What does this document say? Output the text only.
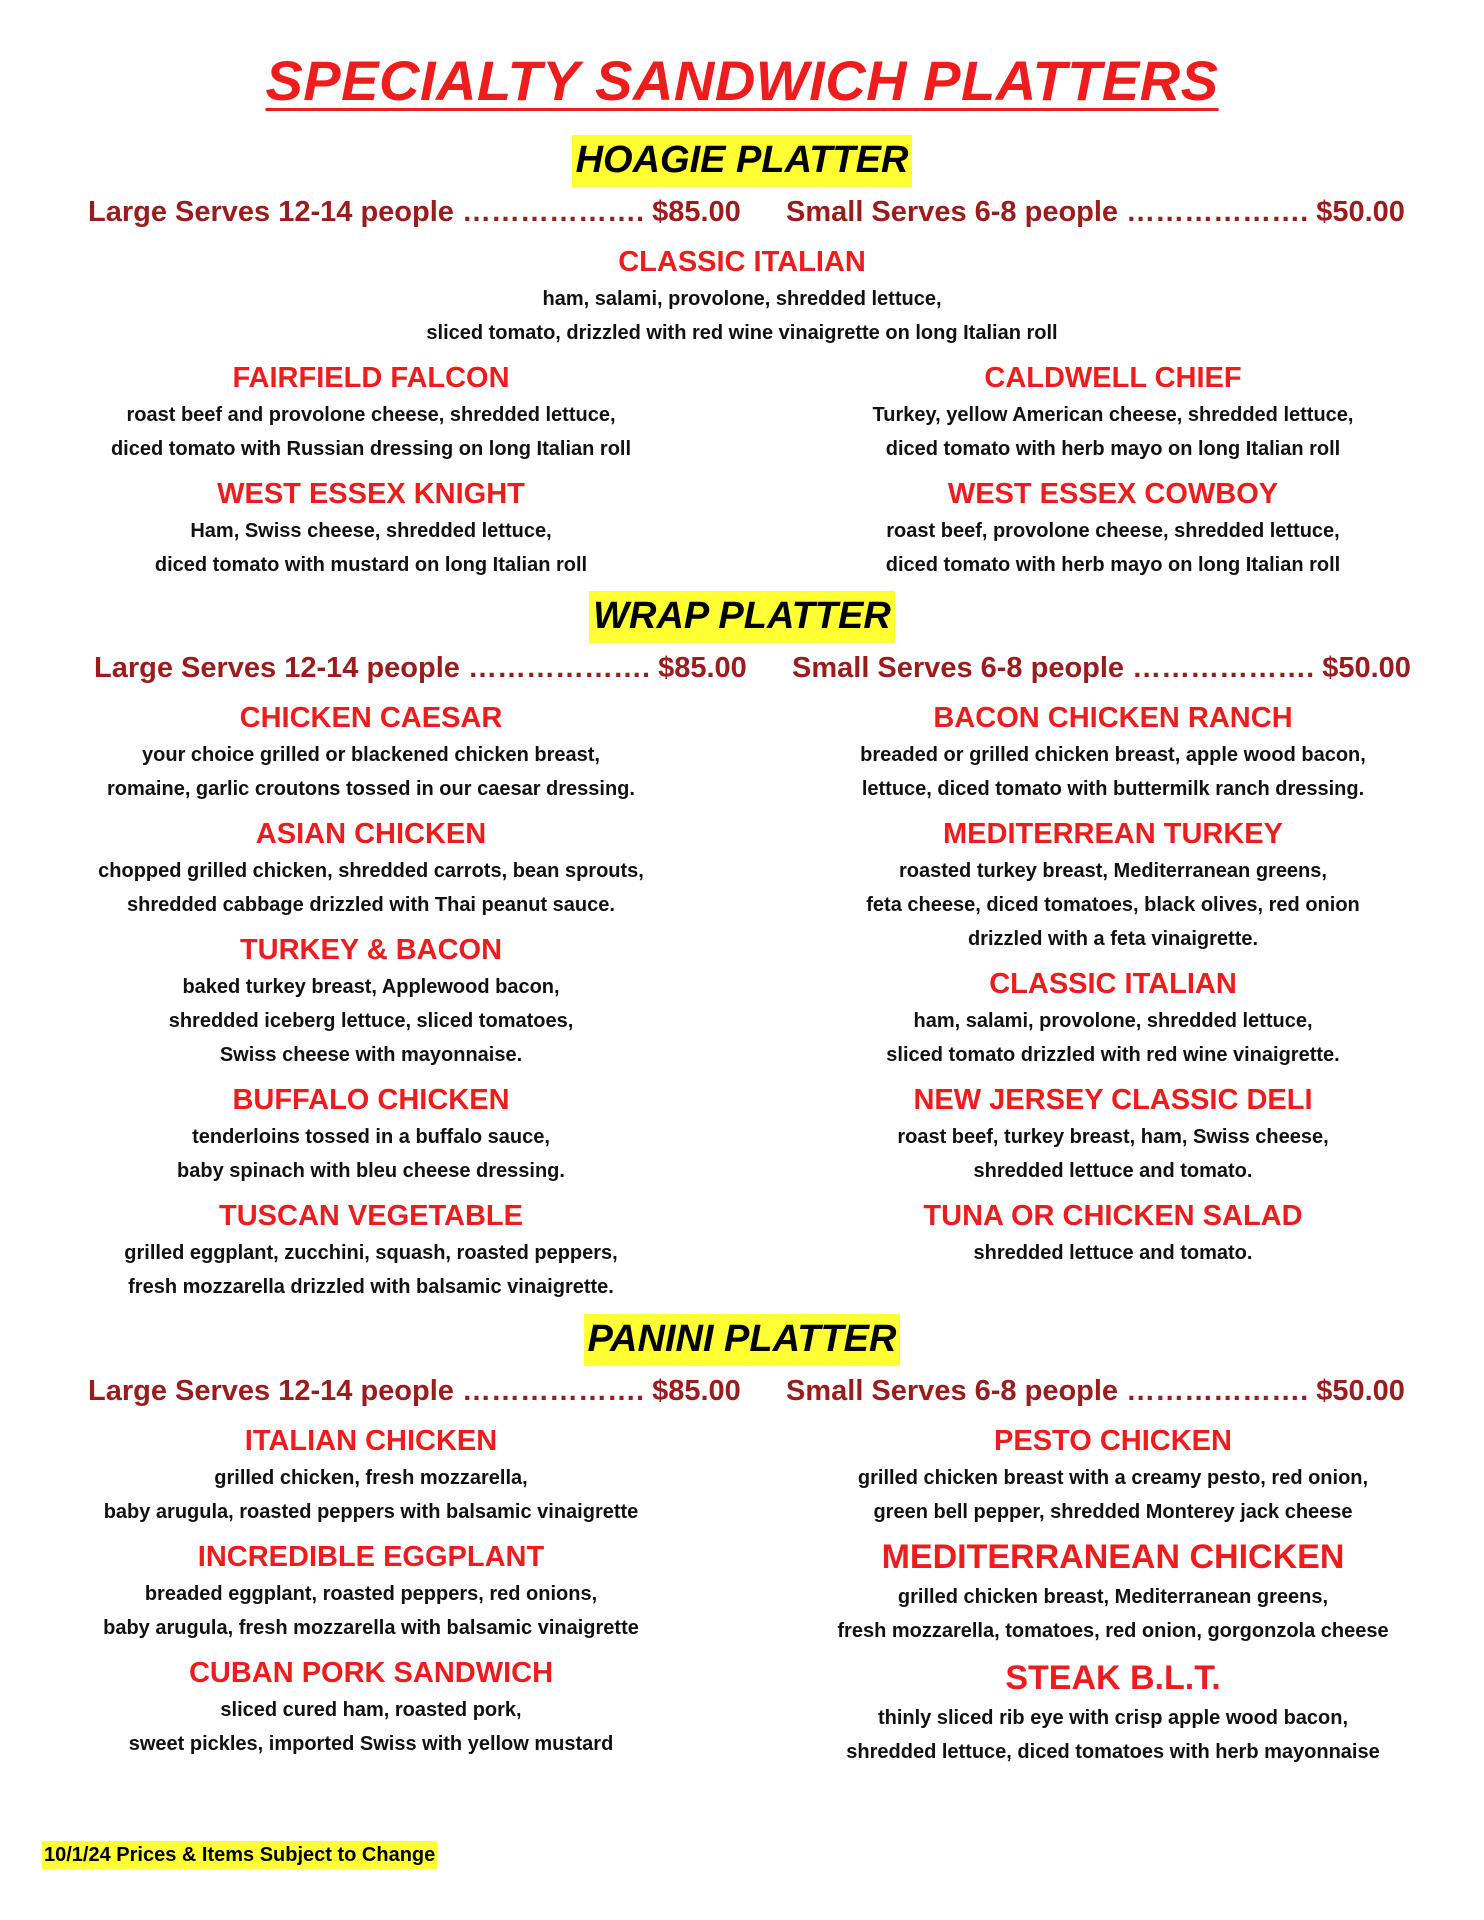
SPECIALTY SANDWICH PLATTERS
HOAGIE PLATTER

Large Serves 12-14 people ………………. $85.00 Small Serves 6-8 people ………………. $50.00

CLASSIC ITALIAN

ham, salami, provolone, shredded lettuce,

sliced tomato, drizzled with red wine vinaigrette on long Italian roll

FAIRFIELD FALCON

roast beef and provolone cheese, shredded lettuce,

diced tomato with Russian dressing on long Italian roll

CALDWELL CHIEF

Turkey, yellow American cheese, shredded lettuce,

diced tomato with herb mayo on long Italian roll

WEST ESSEX KNIGHT

Ham, Swiss cheese, shredded lettuce,

diced tomato with mustard on long Italian roll

WEST ESSEX COWBOY

roast beef, provolone cheese, shredded lettuce,

diced tomato with herb mayo on long Italian roll

WRAP PLATTER

Large Serves 12-14 people ………………. $85.00 Small Serves 6-8 people ………………. $50.00

CHICKEN CAESAR

your choice grilled or blackened chicken breast,

romaine, garlic croutons tossed in our caesar dressing.

ASIAN CHICKEN

chopped grilled chicken, shredded carrots, bean sprouts,

shredded cabbage drizzled with Thai peanut sauce.

TURKEY & BACON

baked turkey breast, Applewood bacon,

shredded iceberg lettuce, sliced tomatoes,

Swiss cheese with mayonnaise.

BUFFALO CHICKEN

tenderloins tossed in a buffalo sauce,

baby spinach with bleu cheese dressing.

TUSCAN VEGETABLE

grilled eggplant, zucchini, squash, roasted peppers,

fresh mozzarella drizzled with balsamic vinaigrette.

BACON CHICKEN RANCH

breaded or grilled chicken breast, apple wood bacon,

lettuce, diced tomato with buttermilk ranch dressing.

MEDITERREAN TURKEY

roasted turkey breast, Mediterranean greens,

feta cheese, diced tomatoes, black olives, red onion

drizzled with a feta vinaigrette.

CLASSIC ITALIAN

ham, salami, provolone, shredded lettuce,

sliced tomato drizzled with red wine vinaigrette.

NEW JERSEY CLASSIC DELI

roast beef, turkey breast, ham, Swiss cheese,

shredded lettuce and tomato.

TUNA OR CHICKEN SALAD

shredded lettuce and tomato.

PANINI PLATTER

Large Serves 12-14 people ………………. $85.00 Small Serves 6-8 people ………………. $50.00

ITALIAN CHICKEN

grilled chicken, fresh mozzarella,

baby arugula, roasted peppers with balsamic vinaigrette

INCREDIBLE EGGPLANT

breaded eggplant, roasted peppers, red onions,

baby arugula, fresh mozzarella with balsamic vinaigrette

CUBAN PORK SANDWICH

sliced cured ham, roasted pork,

sweet pickles, imported Swiss with yellow mustard

PESTO CHICKEN

grilled chicken breast with a creamy pesto, red onion,

green bell pepper, shredded Monterey jack cheese

MEDITERRANEAN CHICKEN

grilled chicken breast, Mediterranean greens,

fresh mozzarella, tomatoes, red onion, gorgonzola cheese

STEAK B.L.T.

thinly sliced rib eye with crisp apple wood bacon,

shredded lettuce, diced tomatoes with herb mayonnaise

10/1/24 Prices & Items Subject to Change
